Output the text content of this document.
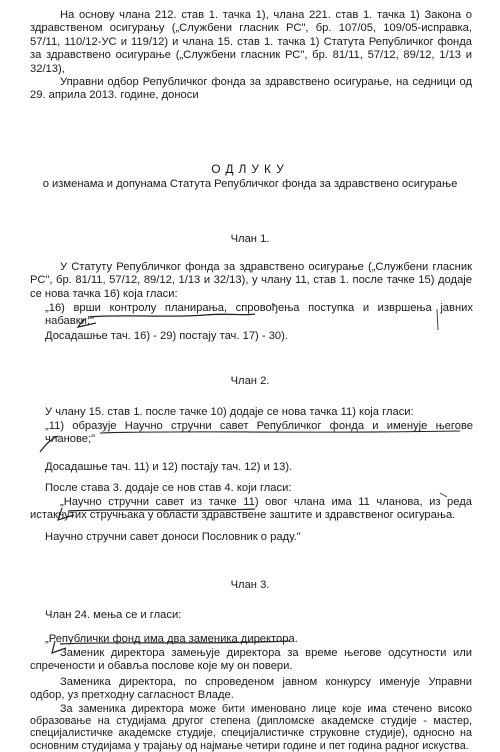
На основу члана 212. став 1. тачка 1), члана 221. став 1. тачка 1) Закона о здравственом осигурању („Службени гласник РС", бр. 107/05, 109/05-исправка, 57/11, 110/12-УС и 119/12) и члана 15. став 1. тачка 1) Статута Републичког фонда за здравствено осигурање („Службени гласник РС", бр. 81/11, 57/12, 89/12, 1/13 и 32/13),
Управни одбор Републичког фонда за здравствено осигурање, на седници од 29. априла 2013. године, доноси
ОДЛУКУ
о изменама и допунама Статута Републичког фонда за здравствено осигурање
Члан 1.
У Статуту Републичког фонда за здравствено осигурање („Службени гласник РС", бр. 81/11, 57/12, 89/12, 1/13 и 32/13), у члану 11, став 1. после тачке 15) додаје се нова тачка 16) која гласи:
„16) врши контролу планирања, спровођења поступка и извршења јавних набавки;"
Досадашње тач. 16) - 29) постају тач. 17) - 30).
Члан 2.
У члану 15. став 1. после тачке 10) додаје се нова тачка 11) која гласи:
„11) образује Научно стручни савет Републичког фонда и именује његове чланове;"
Досадашње тач. 11) и 12) постају тач. 12) и 13).
После става 3. додаје се нов став 4. који гласи:
„Научно стручни савет из тачке 11) овог члана има 11 чланова, из реда истакнутих стручњака у области здравствене заштите и здравственог осигурања.
Научно стручни савет доноси Пословник о раду."
Члан 3.
Члан 24. мења се и гласи:
„Републички фонд има два заменика директора.
Заменик директора замењује директора за време његове одсутности или спречености и обавља послове које му он повери.
Заменика директора, по спроведеном јавном конкурсу именује Управни одбор, уз претходну сагласност Владе.
За заменика директора може бити именовано лице које има стечено високо образовање на студијама другог степена (дипломске академске студије - мастер, специјалистичке академске студије, специјалистичке струковне студије), односно на основним студијама у трајању од најмање четири године и пет година радног искуства.
